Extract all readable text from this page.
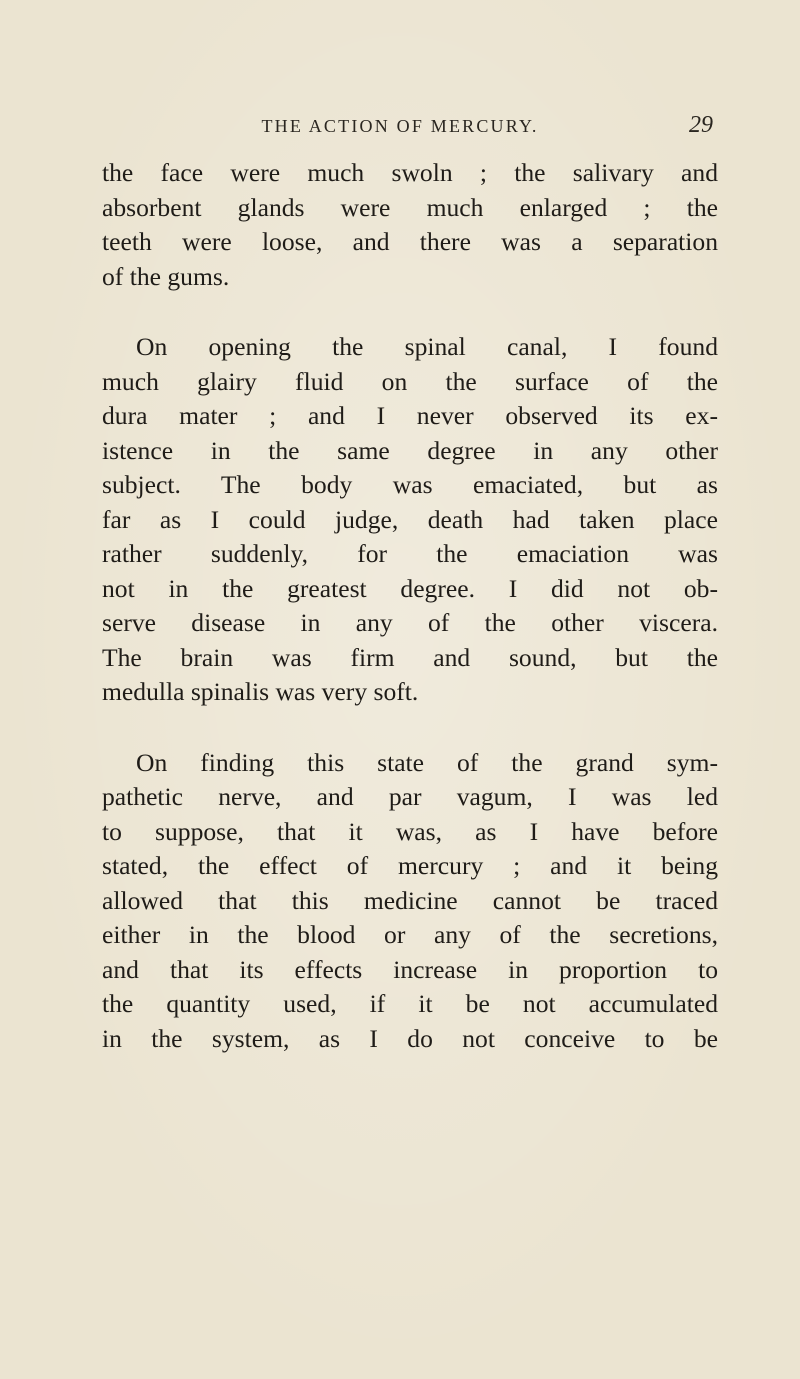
THE ACTION OF MERCURY.	29

the face were much swoln ; the salivary and
absorbent glands were much enlarged ; the
teeth were loose, and there was a separation
of the gums.

On opening the spinal canal, I found
much glairy fluid on the surface of the
dura mater ; and I never observed its ex-
istence in the same degree in any other
subject. The body was emaciated, but as
far as I could judge, death had taken place
rather suddenly, for the emaciation was
not in the greatest degree. I did not ob-
serve disease in any of the other viscera.
The brain was firm and sound, but the
medulla spinalis was very soft.

On finding this state of the grand sym-
pathetic nerve, and par vagum, I was led
to suppose, that it was, as I have before
stated, the effect of mercury ; and it being
allowed that this medicine cannot be traced
either in the blood or any of the secretions,
and that its effects increase in proportion to
the quantity used, if it be not accumulated
in the system, as I do not conceive to be
